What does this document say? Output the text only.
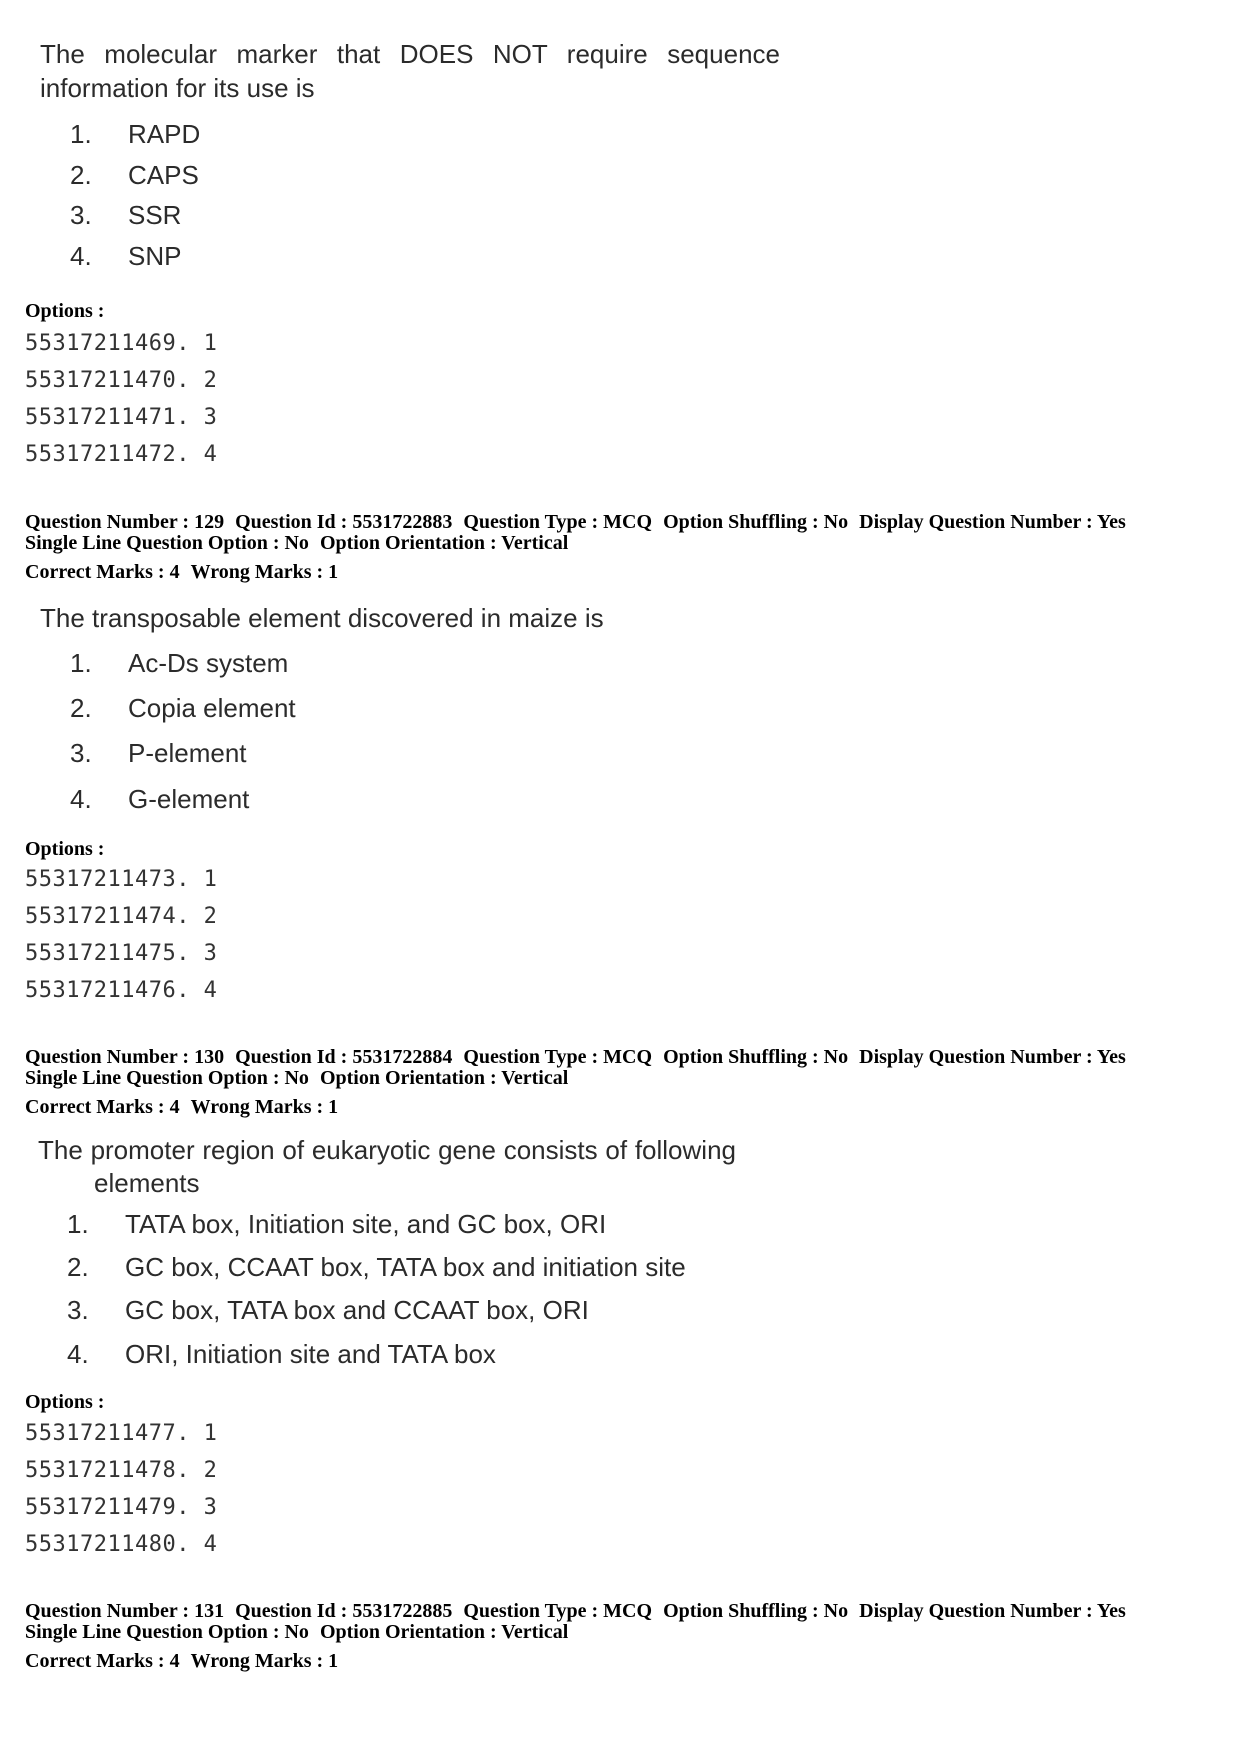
The molecular marker that DOES NOT require sequence
information for its use is
1. RAPD
2. CAPS
3. SSR
4. SNP
Options :
55317211469. 1
55317211470. 2
55317211471. 3
55317211472. 4
Question Number : 129 Question Id : 5531722883 Question Type : MCQ Option Shuffling : No Display Question Number : Yes
Single Line Question Option : No Option Orientation : Vertical
Correct Marks : 4 Wrong Marks : 1
The transposable element discovered in maize is
1. Ac-Ds system
2. Copia element
3. P-element
4. G-element
Options :
55317211473. 1
55317211474. 2
55317211475. 3
55317211476. 4
Question Number : 130 Question Id : 5531722884 Question Type : MCQ Option Shuffling : No Display Question Number : Yes
Single Line Question Option : No Option Orientation : Vertical
Correct Marks : 4 Wrong Marks : 1
The promoter region of eukaryotic gene consists of following
elements
1. TATA box, Initiation site, and GC box, ORI
2. GC box, CCAAT box, TATA box and initiation site
3. GC box, TATA box and CCAAT box, ORI
4. ORI, Initiation site and TATA box
Options :
55317211477. 1
55317211478. 2
55317211479. 3
55317211480. 4
Question Number : 131 Question Id : 5531722885 Question Type : MCQ Option Shuffling : No Display Question Number : Yes
Single Line Question Option : No Option Orientation : Vertical
Correct Marks : 4 Wrong Marks : 1
